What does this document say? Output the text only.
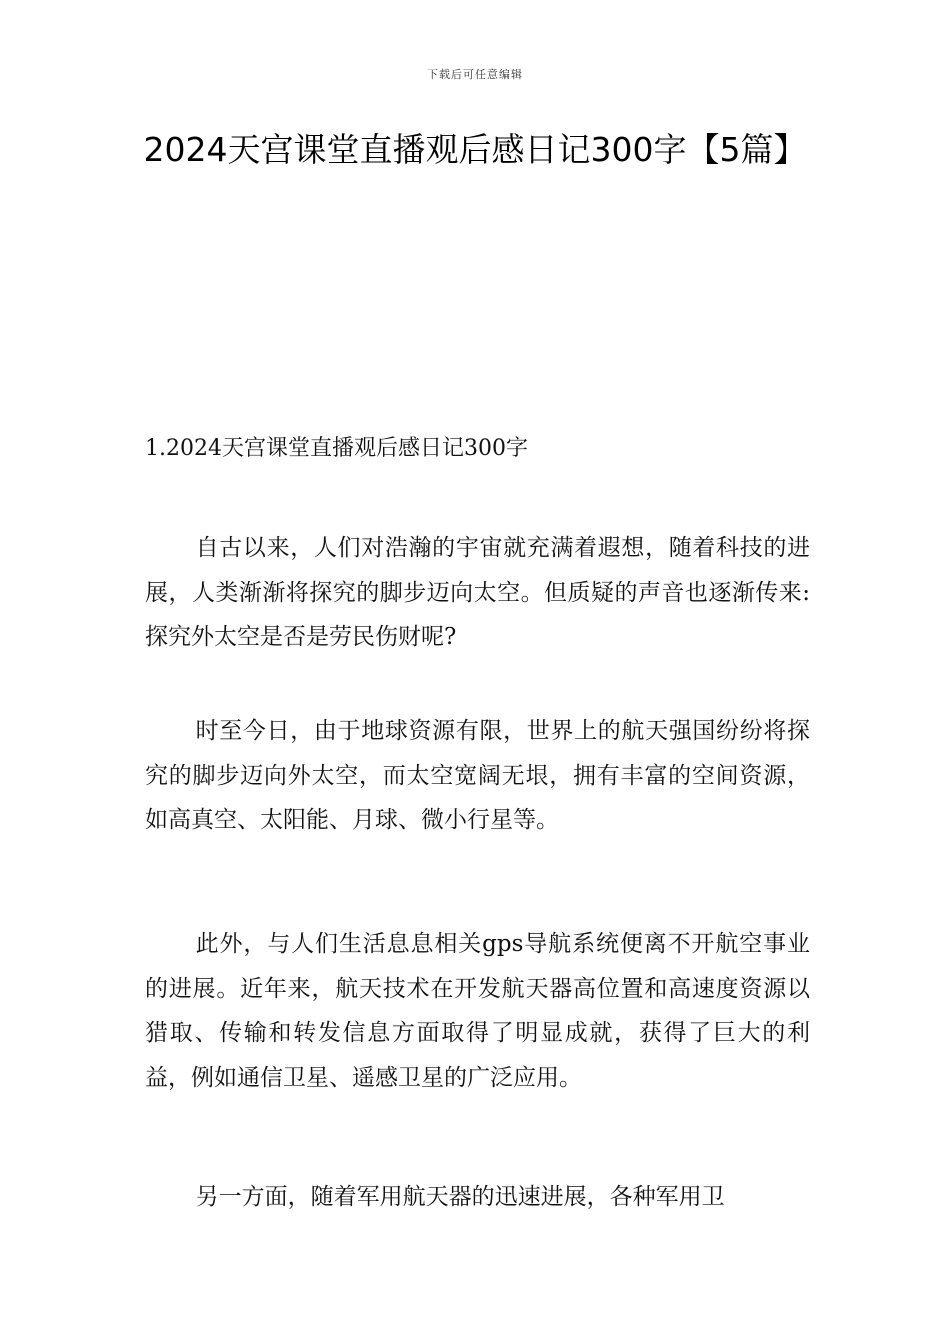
下载后可任意编辑
2024天宫课堂直播观后感日记300字【5篇】
1.2024天宫课堂直播观后感日记300字

自古以来，人们对浩瀚的宇宙就充满着遐想，随着科技的进展，人类渐渐将探究的脚步迈向太空。但质疑的声音也逐渐传来:探究外太空是否是劳民伤财呢?

时至今日，由于地球资源有限，世界上的航天强国纷纷将探究的脚步迈向外太空，而太空宽阔无垠，拥有丰富的空间资源，如高真空、太阳能、月球、微小行星等。

此外，与人们生活息息相关gps导航系统便离不开航空事业的进展。近年来，航天技术在开发航天器高位置和高速度资源以猎取、传输和转发信息方面取得了明显成就，获得了巨大的利益，例如通信卫星、遥感卫星的广泛应用。

另一方面，随着军用航天器的迅速进展，各种军用卫
